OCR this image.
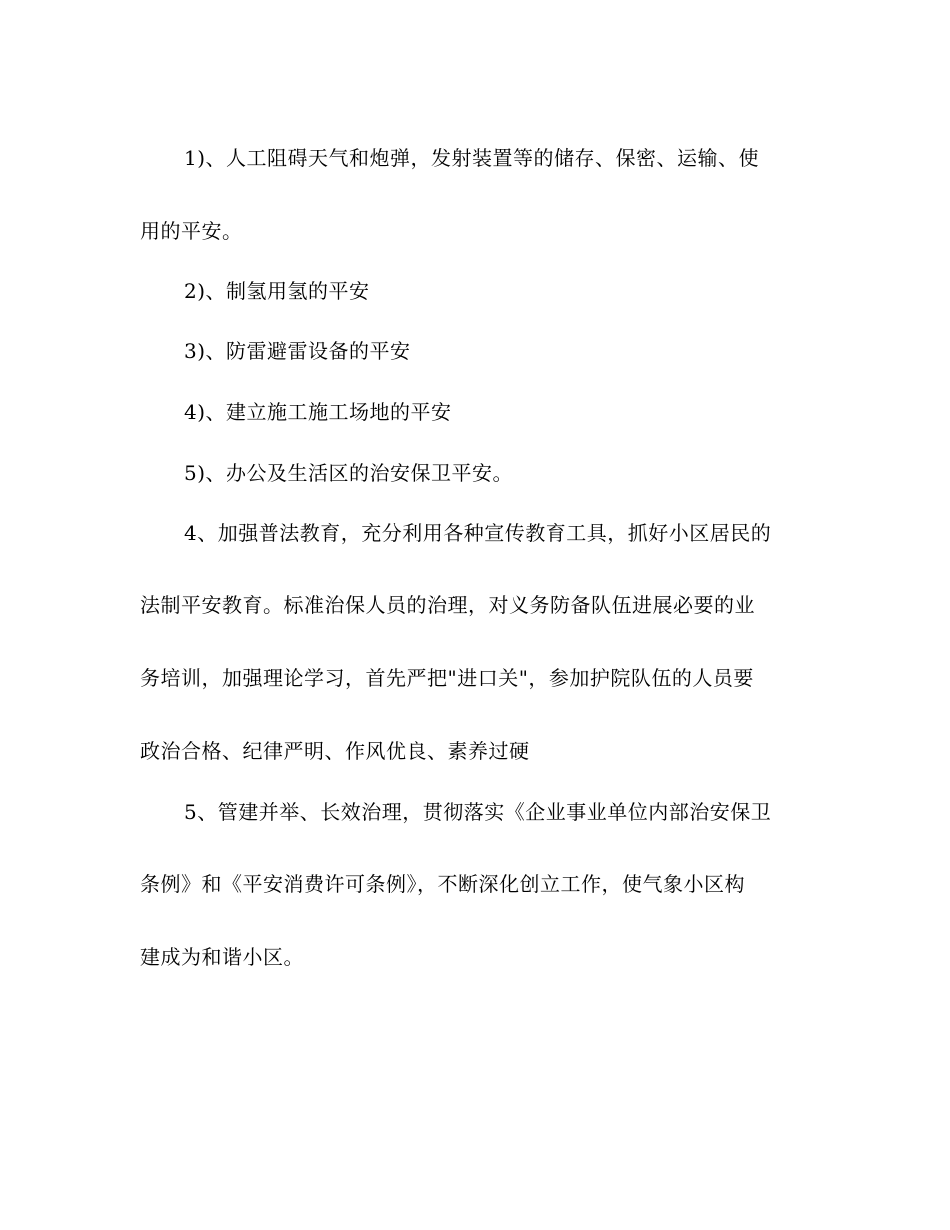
1)、人工阻碍天气和炮弹，发射装置等的储存、保密、运输、使
用的平安。
2)、制氢用氢的平安
3)、防雷避雷设备的平安
4)、建立施工施工场地的平安
5)、办公及生活区的治安保卫平安。
4、加强普法教育，充分利用各种宣传教育工具，抓好小区居民的
法制平安教育。标准治保人员的治理，对义务防备队伍进展必要的业
务培训，加强理论学习，首先严把"进口关"，参加护院队伍的人员要
政治合格、纪律严明、作风优良、素养过硬
5、管建并举、长效治理，贯彻落实《企业事业单位内部治安保卫
条例》和《平安消费许可条例》，不断深化创立工作，使气象小区构
建成为和谐小区。
